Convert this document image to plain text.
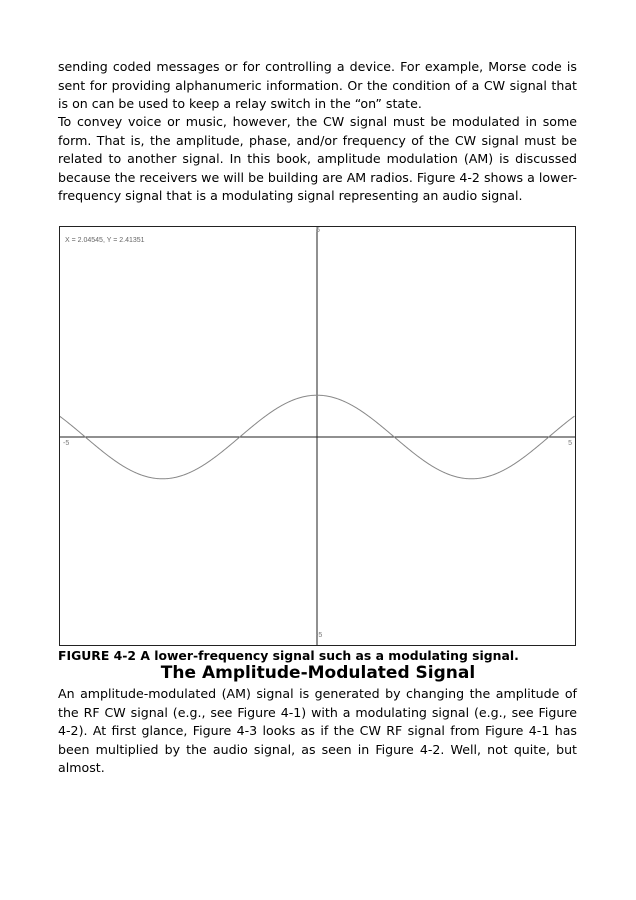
sending coded messages or for controlling a device. For example, Morse code is sent for providing alphanumeric information. Or the condition of a CW signal that is on can be used to keep a relay switch in the “on” state.

To convey voice or music, however, the CW signal must be modulated in some form. That is, the amplitude, phase, and/or frequency of the CW signal must be related to another signal. In this book, amplitude modulation (AM) is discussed because the receivers we will be building are AM radios. Figure 4-2 shows a lower-frequency signal that is a modulating signal representing an audio signal.

X = 2.04545, Y = 2.41351
-5	5
5
-5

FIGURE 4-2 A lower-frequency signal such as a modulating signal.

The Amplitude-Modulated Signal

An amplitude-modulated (AM) signal is generated by changing the amplitude of the RF CW signal (e.g., see Figure 4-1) with a modulating signal (e.g., see Figure 4-2). At first glance, Figure 4-3 looks as if the CW RF signal from Figure 4-1 has been multiplied by the audio signal, as seen in Figure 4-2. Well, not quite, but almost.
